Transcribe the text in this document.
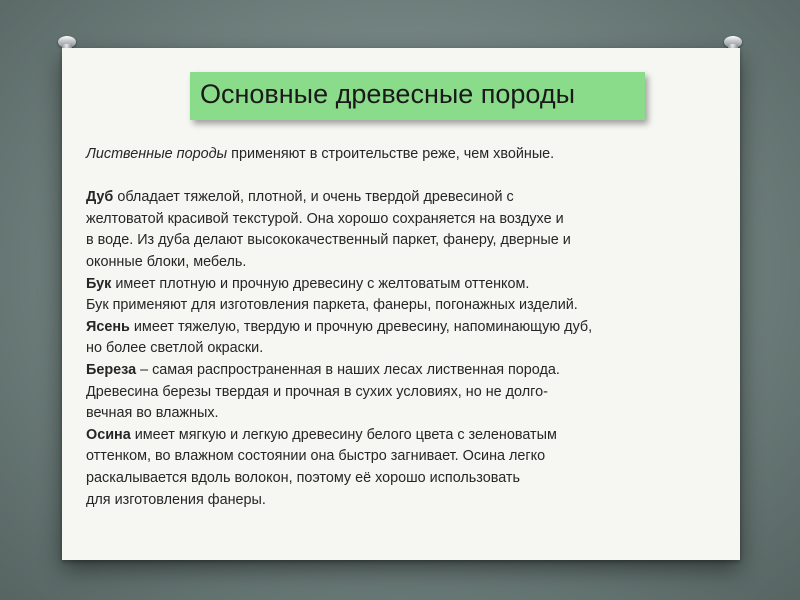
Основные древесные породы

Лиственные породы применяют в строительстве реже, чем хвойные.

Дуб обладает тяжелой, плотной, и очень твердой древесиной с

желтоватой красивой текстурой. Она хорошо сохраняется на воздухе и

в воде. Из дуба делают высококачественный паркет, фанеру, дверные и

оконные блоки, мебель.

Бук имеет плотную и прочную древесину с желтоватым оттенком.

Бук применяют для изготовления паркета, фанеры, погонажных изделий.

Ясень имеет тяжелую, твердую и прочную древесину, напоминающую дуб,

но более светлой окраски.

Береза – самая распространенная в наших лесах лиственная порода.

Древесина березы твердая и прочная в сухих условиях, но не долго-

вечная во влажных.

Осина имеет мягкую и легкую древесину белого цвета с зеленоватым

оттенком, во влажном состоянии она быстро загнивает. Осина легко

раскалывается вдоль волокон, поэтому её хорошо использовать

для изготовления фанеры.
